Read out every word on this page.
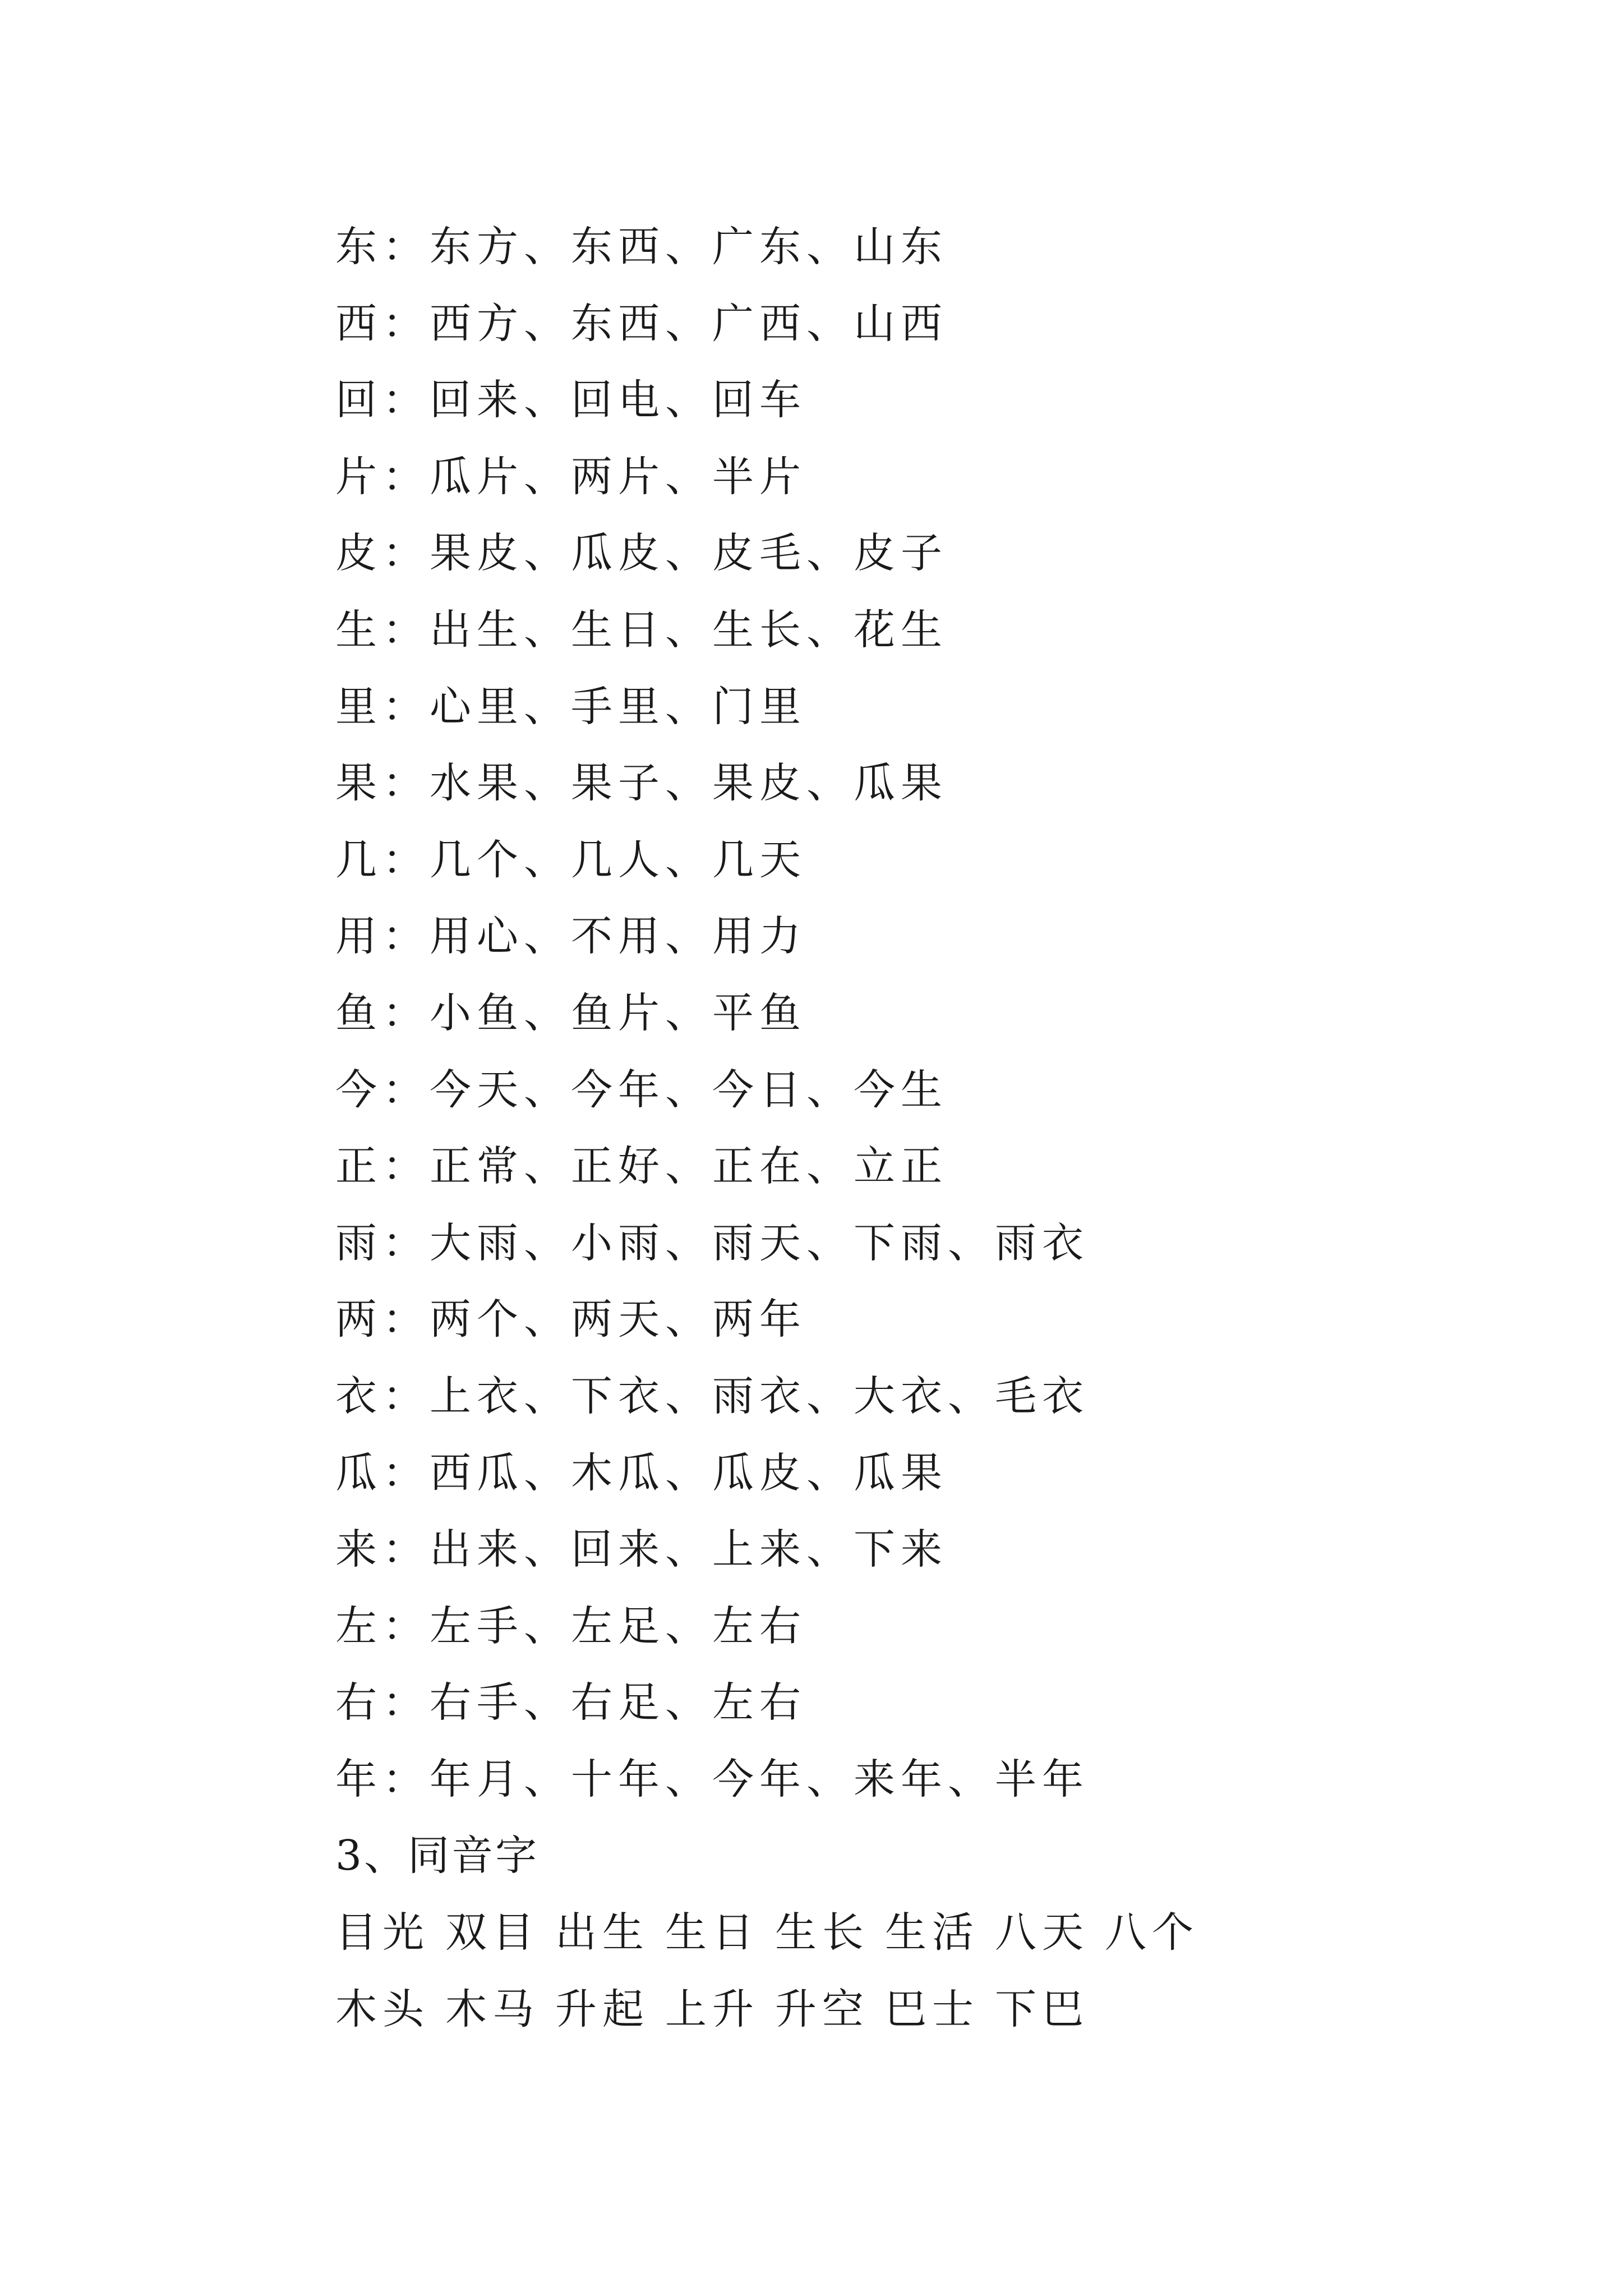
东：东方、东西、广东、山东
西：西方、东西、广西、山西
回：回来、回电、回车
片：瓜片、两片、半片
皮：果皮、瓜皮、皮毛、皮子
生：出生、生日、生长、花生
里：心里、手里、门里
果：水果、果子、果皮、瓜果
几：几个、几人、几天
用：用心、不用、用力
鱼：小鱼、鱼片、平鱼
今：今天、今年、今日、今生
正：正常、正好、正在、立正
雨：大雨、小雨、雨天、下雨、雨衣
两：两个、两天、两年
衣：上衣、下衣、雨衣、大衣、毛衣
瓜：西瓜、木瓜、瓜皮、瓜果
来：出来、回来、上来、下来
左：左手、左足、左右
右：右手、右足、左右
年：年月、十年、今年、来年、半年
3、同音字
目光 双目 出生 生日 生长 生活 八天 八个
木头 木马 升起 上升 升空 巴士 下巴
